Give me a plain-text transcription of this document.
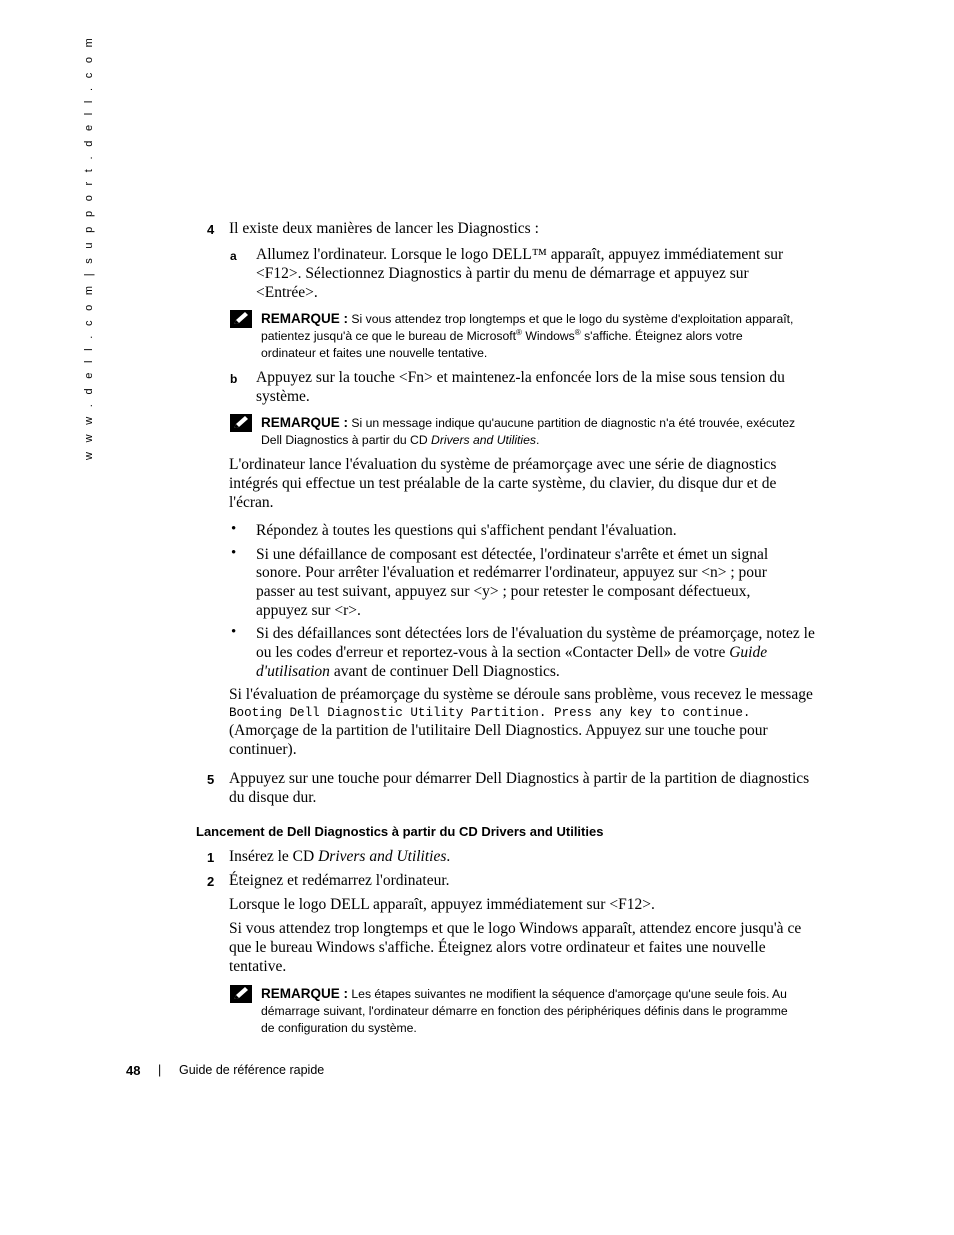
w w w . d e l l . c o m | s u p p o r t . d e l l . c o m	4 Il existe deux manières de lancer les Diagnostics :
a Allumez l'ordinateur. Lorsque le logo DELL™ apparaît, appuyez immédiatement sur
<F12>. Sélectionnez Diagnostics à partir du menu de démarrage et appuyez sur
<Entrée>.
REMARQUE : Si vous attendez trop longtemps et que le logo du système d'exploitation apparaît,
patientez jusqu'à ce que le bureau de Microsoft® Windows® s'affiche. Éteignez alors votre
ordinateur et faites une nouvelle tentative.
b Appuyez sur la touche <Fn> et maintenez-la enfoncée lors de la mise sous tension du
système.
REMARQUE : Si un message indique qu'aucune partition de diagnostic n'a été trouvée, exécutez
Dell Diagnostics à partir du CD Drivers and Utilities.
L'ordinateur lance l'évaluation du système de préamorçage avec une série de diagnostics
intégrés qui effectue un test préalable de la carte système, du clavier, du disque dur et de
l'écran.
• Répondez à toutes les questions qui s'affichent pendant l'évaluation.
• Si une défaillance de composant est détectée, l'ordinateur s'arrête et émet un signal
sonore. Pour arrêter l'évaluation et redémarrer l'ordinateur, appuyez sur <n> ; pour
passer au test suivant, appuyez sur <y> ; pour retester le composant défectueux,
appuyez sur <r>.
• Si des défaillances sont détectées lors de l'évaluation du système de préamorçage, notez le
ou les codes d'erreur et reportez-vous à la section «Contacter Dell» de votre Guide
d'utilisation avant de continuer Dell Diagnostics.
Si l'évaluation de préamorçage du système se déroule sans problème, vous recevez le message
Booting Dell Diagnostic Utility Partition. Press any key to continue.
(Amorçage de la partition de l'utilitaire Dell Diagnostics. Appuyez sur une touche pour
continuer).
5 Appuyez sur une touche pour démarrer Dell Diagnostics à partir de la partition de diagnostics
du disque dur.
Lancement de Dell Diagnostics à partir du CD Drivers and Utilities
1 Insérez le CD Drivers and Utilities.
2 Éteignez et redémarrez l'ordinateur.
Lorsque le logo DELL apparaît, appuyez immédiatement sur <F12>.
Si vous attendez trop longtemps et que le logo Windows apparaît, attendez encore jusqu'à ce
que le bureau Windows s'affiche. Éteignez alors votre ordinateur et faites une nouvelle
tentative.
REMARQUE : Les étapes suivantes ne modifient la séquence d'amorçage qu'une seule fois. Au
démarrage suivant, l'ordinateur démarre en fonction des périphériques définis dans le programme
de configuration du système.
48 | Guide de référence rapide
